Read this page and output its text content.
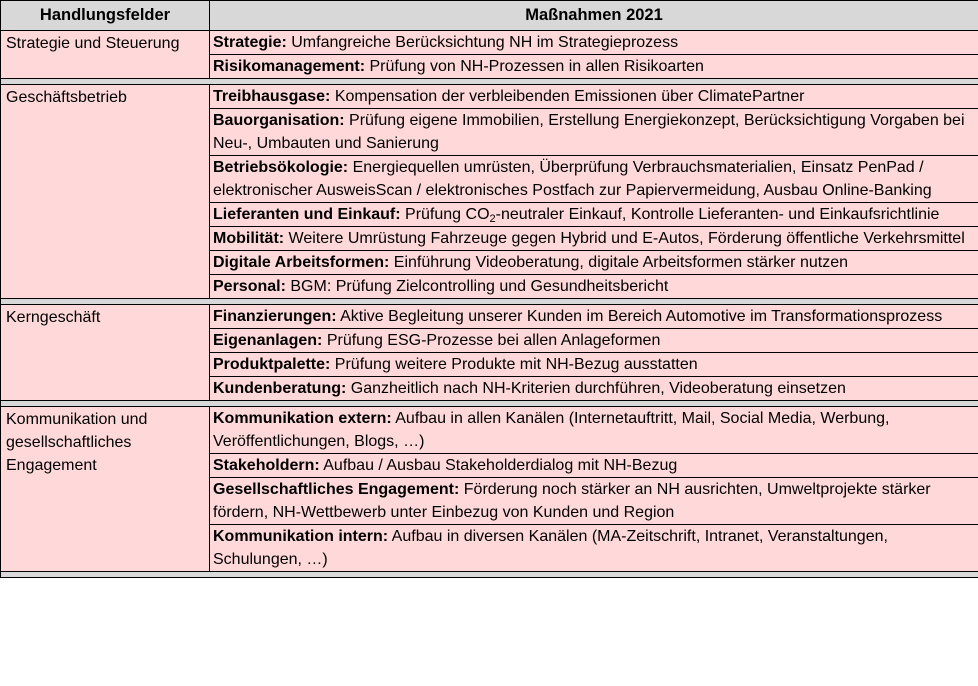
Handlungsfelder	Maßnahmen 2021
Strategie und Steuerung	Strategie: Umfangreiche Berücksichtung NH im Strategieprozess
	Risikomanagement: Prüfung von NH-Prozessen in allen Risikoarten

Geschäftsbetrieb	Treibhausgase: Kompensation der verbleibenden Emissionen über ClimatePartner
	Bauorganisation: Prüfung eigene Immobilien, Erstellung Energiekonzept, Berücksichtigung Vorgaben bei Neu-, Umbauten und Sanierung
	Betriebsökologie: Energiequellen umrüsten, Überprüfung Verbrauchsmaterialien, Einsatz PenPad / elektronischer AusweisScan / elektronisches Postfach zur Papiervermeidung, Ausbau Online-Banking
	Lieferanten und Einkauf: Prüfung $CO_2$-neutraler Einkauf, Kontrolle Lieferanten- und Einkaufsrichtlinie
	Mobilität: Weitere Umrüstung Fahrzeuge gegen Hybrid und E-Autos, Förderung öffentliche Verkehrsmittel
	Digitale Arbeitsformen: Einführung Videoberatung, digitale Arbeitsformen stärker nutzen
	Personal: BGM: Prüfung Zielcontrolling und Gesundheitsbericht

Kerngeschäft	Finanzierungen: Aktive Begleitung unserer Kunden im Bereich Automotive im Transformationsprozess
	Eigenanlagen: Prüfung ESG-Prozesse bei allen Anlageformen
	Produktpalette: Prüfung weitere Produkte mit NH-Bezug ausstatten
	Kundenberatung: Ganzheitlich nach NH-Kriterien durchführen, Videoberatung einsetzen

Kommunikation und gesellschaftliches Engagement	Kommunikation extern: Aufbau in allen Kanälen (Internetauftritt, Mail, Social Media, Werbung, Veröffentlichungen, Blogs, …)
	Stakeholdern: Aufbau / Ausbau Stakeholderdialog mit NH-Bezug
	Gesellschaftliches Engagement: Förderung noch stärker an NH ausrichten, Umweltprojekte stärker fördern, NH-Wettbewerb unter Einbezug von Kunden und Region
	Kommunikation intern: Aufbau in diversen Kanälen (MA-Zeitschrift, Intranet, Veranstaltungen, Schulungen, …)
